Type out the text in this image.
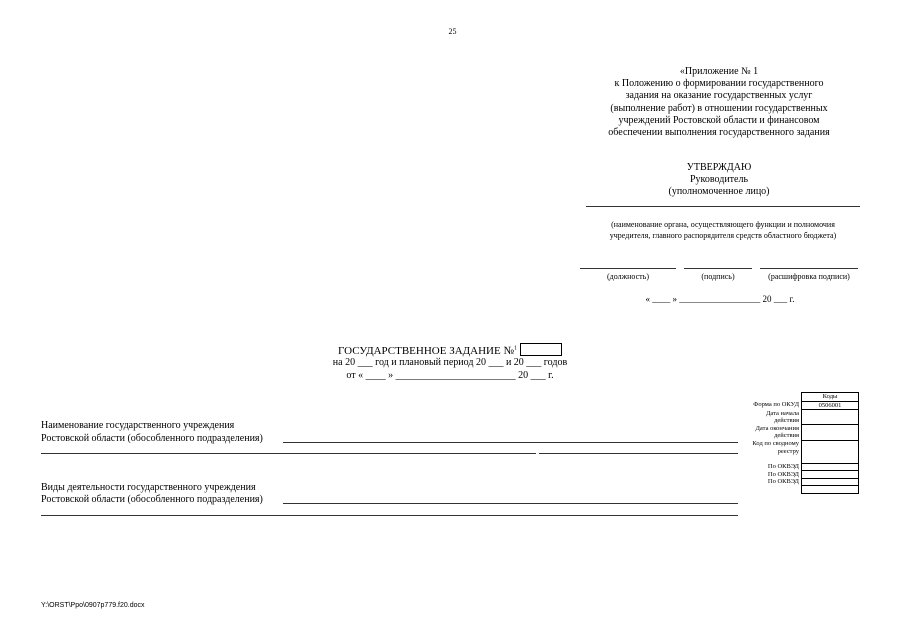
25
«Приложение № 1
к Положению о формировании государственного
задания на оказание государственных услуг
(выполнение работ) в отношении государственных
учреждений Ростовской области и финансовом
обеспечении выполнения государственного задания
УТВЕРЖДАЮ
Руководитель
(уполномоченное лицо)
(наименование органа, осуществляющего функции и полномочия
учредителя, главного распорядителя средств областного бюджета)
(должность)	(подпись)	(расшифровка подписи)
« ____ » __________________ 20 ___ г.
ГОСУДАРСТВЕННОЕ ЗАДАНИЕ №$^1$
на 20 ___ год и плановый период 20 ___ и 20 ___ годов
от « ____ » ________________________ 20 ___ г.
Наименование государственного учреждения
Ростовской области (обособленного подразделения)
Виды деятельности государственного учреждения
Ростовской области (обособленного подразделения)
	Коды
Форма по ОКУД	0506001
Дата начала действия	
Дата окончания действия	
Код по сводному реестру	
По ОКВЭД	
По ОКВЭД	
По ОКВЭД	

Y:\ORST\Ppo\0907p779.f20.docx
